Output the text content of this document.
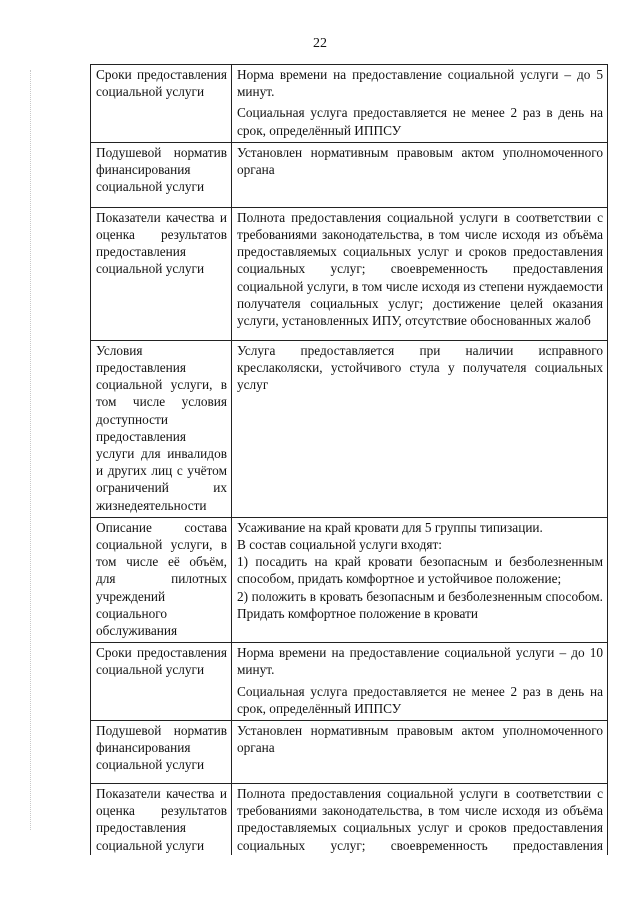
22
Сроки предоставления социальной услуги	Норма времени на предоставление социальной услуги – до 5 минут.

Социальная услуга предоставляется не менее 2 раз в день на срок, определённый ИППСУ

Подушевой норматив финансирования социальной услуги	Установлен нормативным правовым актом уполномоченного органа

Показатели качества и оценка результатов предоставления социальной услуги	Полнота предоставления социальной услуги в соответствии с требованиями законодательства, в том числе исходя из объёма предоставляемых социальных услуг и сроков предоставления социальных услуг; своевременность предоставления социальной услуги, в том числе исходя из степени нуждаемости получателя социальных услуг; достижение целей оказания услуги, установленных ИПУ, отсутствие обоснованных жалоб

Условия предоставления социальной услуги, в том числе условия доступности предоставления услуги для инвалидов и других лиц с учётом ограничений их жизнедеятельности	Услуга предоставляется при наличии исправного креслаколяски, устойчивого стула у получателя социальных услуг

Описание состава социальной услуги, в том числе её объём, для пилотных учреждений социального обслуживания	Усаживание на край кровати для 5 группы типизации.

В состав социальной услуги входят:

1) посадить на край кровати безопасным и безболезненным способом, придать комфортное и устойчивое положение;

2) положить в кровать безопасным и безболезненным способом. Придать комфортное положение в кровати

Сроки предоставления социальной услуги	Норма времени на предоставление социальной услуги – до 10 минут.

Социальная услуга предоставляется не менее 2 раз в день на срок, определённый ИППСУ

Подушевой норматив финансирования социальной услуги	Установлен нормативным правовым актом уполномоченного органа

Показатели качества и оценка результатов предоставления социальной услуги	Полнота предоставления социальной услуги в соответствии с требованиями законодательства, в том числе исходя из объёма предоставляемых социальных услуг и сроков предоставления социальных услуг; своевременность предоставления
